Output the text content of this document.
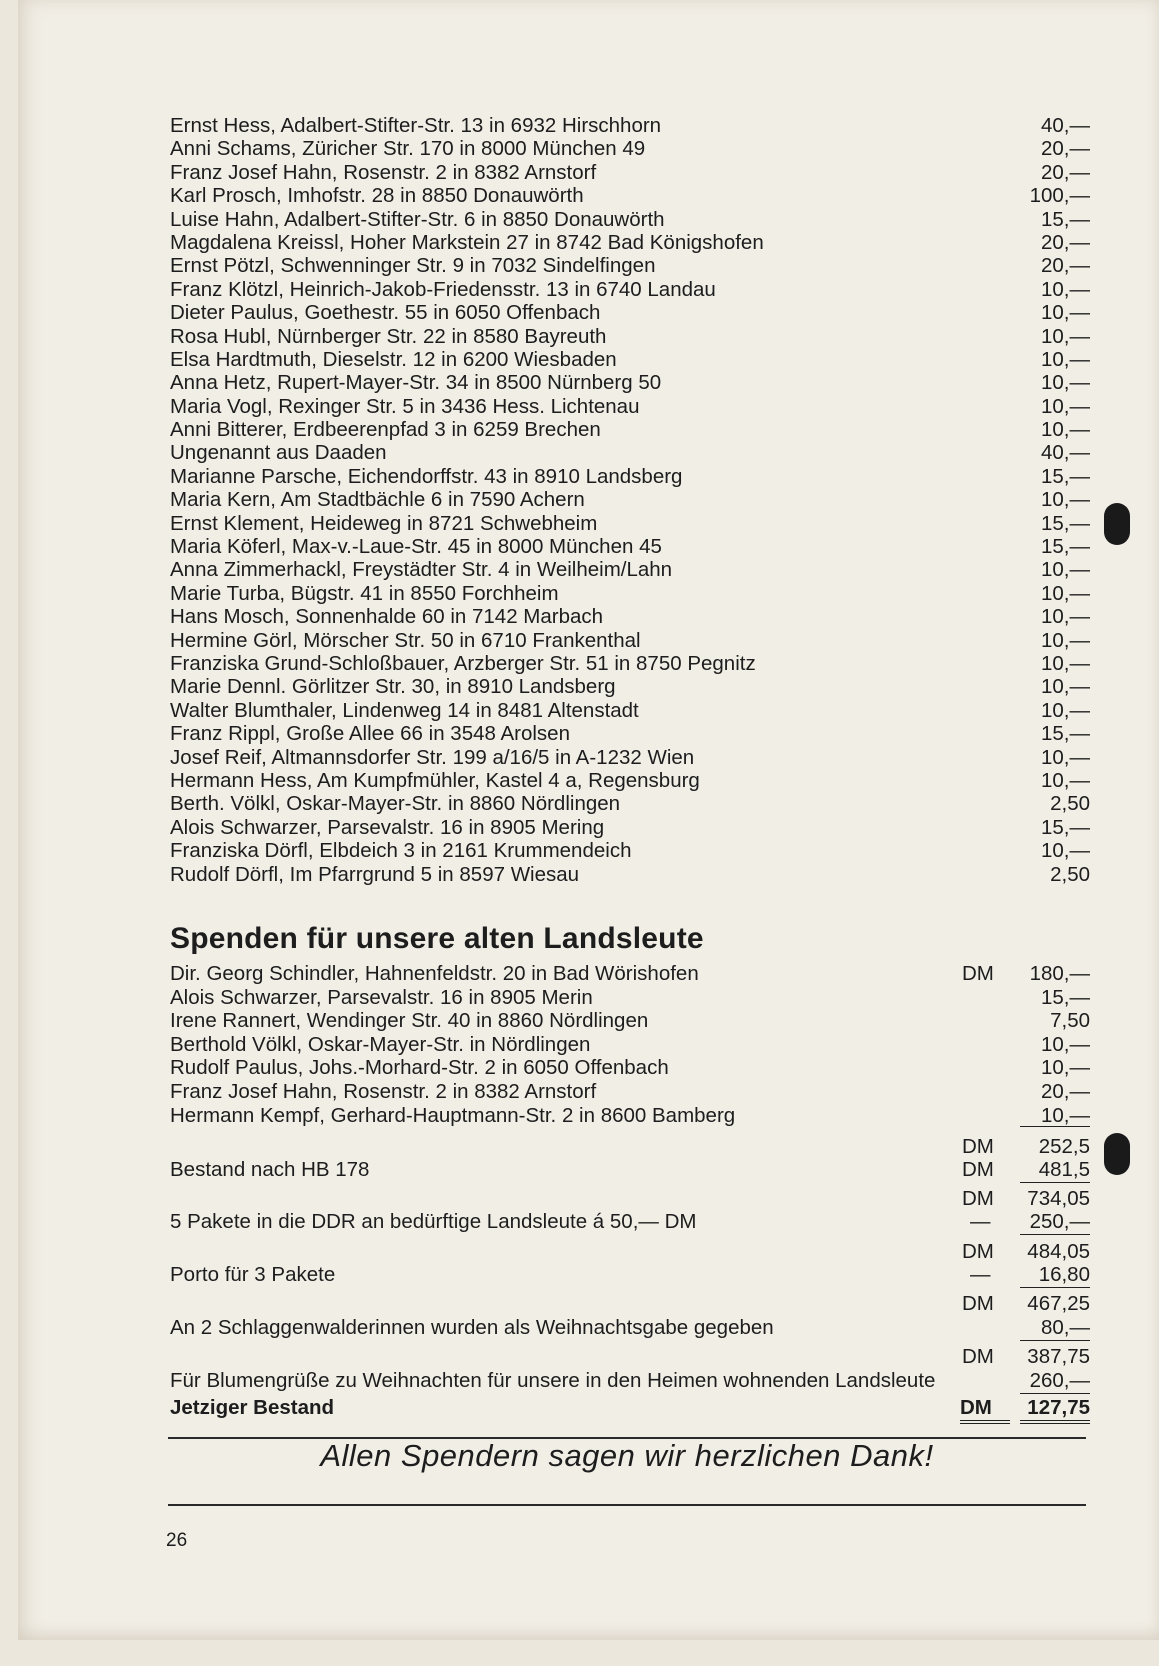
Ernst Hess, Adalbert-Stifter-Str. 13 in 6932 Hirschhorn	40,—
Anni Schams, Züricher Str. 170 in 8000 München 49	20,—
Franz Josef Hahn, Rosenstr. 2 in 8382 Arnstorf	20,—
Karl Prosch, Imhofstr. 28 in 8850 Donauwörth	100,—
Luise Hahn, Adalbert-Stifter-Str. 6 in 8850 Donauwörth	15,—
Magdalena Kreissl, Hoher Markstein 27 in 8742 Bad Königshofen	20,—
Ernst Pötzl, Schwenninger Str. 9 in 7032 Sindelfingen	20,—
Franz Klötzl, Heinrich-Jakob-Friedensstr. 13 in 6740 Landau	10,—
Dieter Paulus, Goethestr. 55 in 6050 Offenbach	10,—
Rosa Hubl, Nürnberger Str. 22 in 8580 Bayreuth	10,—
Elsa Hardtmuth, Dieselstr. 12 in 6200 Wiesbaden	10,—
Anna Hetz, Rupert-Mayer-Str. 34 in 8500 Nürnberg 50	10,—
Maria Vogl, Rexinger Str. 5 in 3436 Hess. Lichtenau	10,—
Anni Bitterer, Erdbeerenpfad 3 in 6259 Brechen	10,—
Ungenannt aus Daaden	40,—
Marianne Parsche, Eichendorffstr. 43 in 8910 Landsberg	15,—
Maria Kern, Am Stadtbächle 6 in 7590 Achern	10,—
Ernst Klement, Heideweg in 8721 Schwebheim	15,—
Maria Köferl, Max-v.-Laue-Str. 45 in 8000 München 45	15,—
Anna Zimmerhackl, Freystädter Str. 4 in Weilheim/Lahn	10,—
Marie Turba, Bügstr. 41 in 8550 Forchheim	10,—
Hans Mosch, Sonnenhalde 60 in 7142 Marbach	10,—
Hermine Görl, Mörscher Str. 50 in 6710 Frankenthal	10,—
Franziska Grund-Schloßbauer, Arzberger Str. 51 in 8750 Pegnitz	10,—
Marie Dennl. Görlitzer Str. 30, in 8910 Landsberg	10,—
Walter Blumthaler, Lindenweg 14 in 8481 Altenstadt	10,—
Franz Rippl, Große Allee 66 in 3548 Arolsen	15,—
Josef Reif, Altmannsdorfer Str. 199 a/16/5 in A-1232 Wien	10,—
Hermann Hess, Am Kumpfmühler, Kastel 4 a, Regensburg	10,—
Berth. Völkl, Oskar-Mayer-Str. in 8860 Nördlingen	2,50
Alois Schwarzer, Parsevalstr. 16 in 8905 Mering	15,—
Franziska Dörfl, Elbdeich 3 in 2161 Krummendeich	10,—
Rudolf Dörfl, Im Pfarrgrund 5 in 8597 Wiesau	2,50
Spenden für unsere alten Landsleute
Dir. Georg Schindler, Hahnenfeldstr. 20 in Bad Wörishofen	DM	180,—
Alois Schwarzer, Parsevalstr. 16 in 8905 Merin	15,—
Irene Rannert, Wendinger Str. 40 in 8860 Nördlingen	7,50
Berthold Völkl, Oskar-Mayer-Str. in Nördlingen	10,—
Rudolf Paulus, Johs.-Morhard-Str. 2 in 6050 Offenbach	10,—
Franz Josef Hahn, Rosenstr. 2 in 8382 Arnstorf	20,—
Hermann Kempf, Gerhard-Hauptmann-Str. 2 in 8600 Bamberg	10,—
DM	252,5
Bestand nach HB 178	DM	481,5
DM	734,05
5 Pakete in die DDR an bedürftige Landsleute á 50,— DM	—	250,—
DM	484,05
Porto für 3 Pakete	—	16,80
DM	467,25
An 2 Schlaggenwalderinnen wurden als Weihnachtsgabe gegeben	80,—
DM	387,75
Für Blumengrüße zu Weihnachten für unsere in den Heimen wohnenden Landsleute	260,—
Jetziger Bestand	DM	127,75
Allen Spendern sagen wir herzlichen Dank!
26
